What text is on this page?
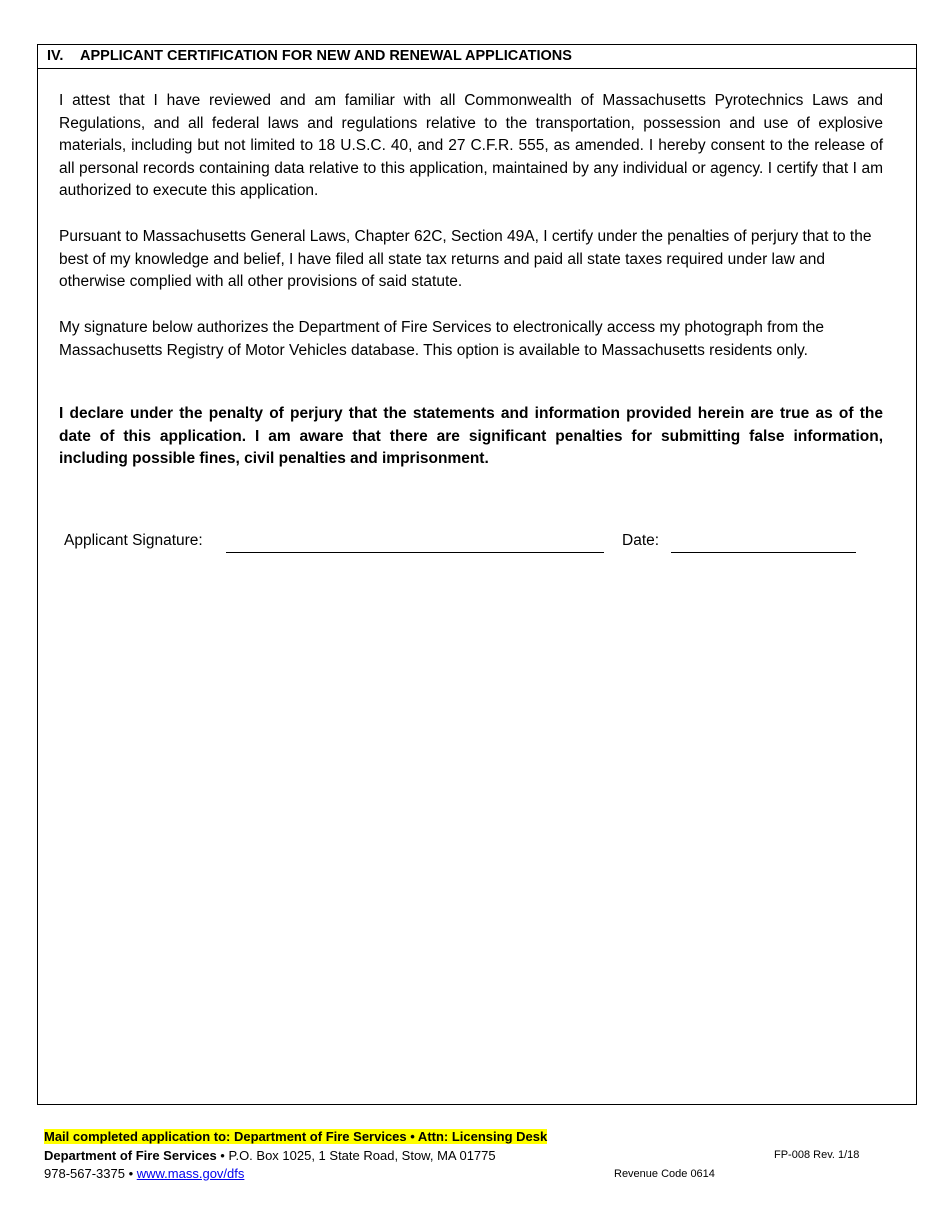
IV. APPLICANT CERTIFICATION FOR NEW AND RENEWAL APPLICATIONS

I attest that I have reviewed and am familiar with all Commonwealth of Massachusetts Pyrotechnics Laws and Regulations, and all federal laws and regulations relative to the transportation, possession and use of explosive materials, including but not limited to 18 U.S.C. 40, and 27 C.F.R. 555, as amended. I hereby consent to the release of all personal records containing data relative to this application, maintained by any individual or agency. I certify that I am authorized to execute this application.

Pursuant to Massachusetts General Laws, Chapter 62C, Section 49A, I certify under the penalties of perjury that to the best of my knowledge and belief, I have filed all state tax returns and paid all state taxes required under law and otherwise complied with all other provisions of said statute.

My signature below authorizes the Department of Fire Services to electronically access my photograph from the Massachusetts Registry of Motor Vehicles database. This option is available to Massachusetts residents only.

I declare under the penalty of perjury that the statements and information provided herein are true as of the date of this application. I am aware that there are significant penalties for submitting false information, including possible fines, civil penalties and imprisonment.

Applicant Signature:	Date:
Mail completed application to: Department of Fire Services • Attn: Licensing Desk
Department of Fire Services • P.O. Box 1025, 1 State Road, Stow, MA 01775
978-567-3375 • www.mass.gov/dfs
FP-008 Rev. 1/18
Revenue Code 0614
